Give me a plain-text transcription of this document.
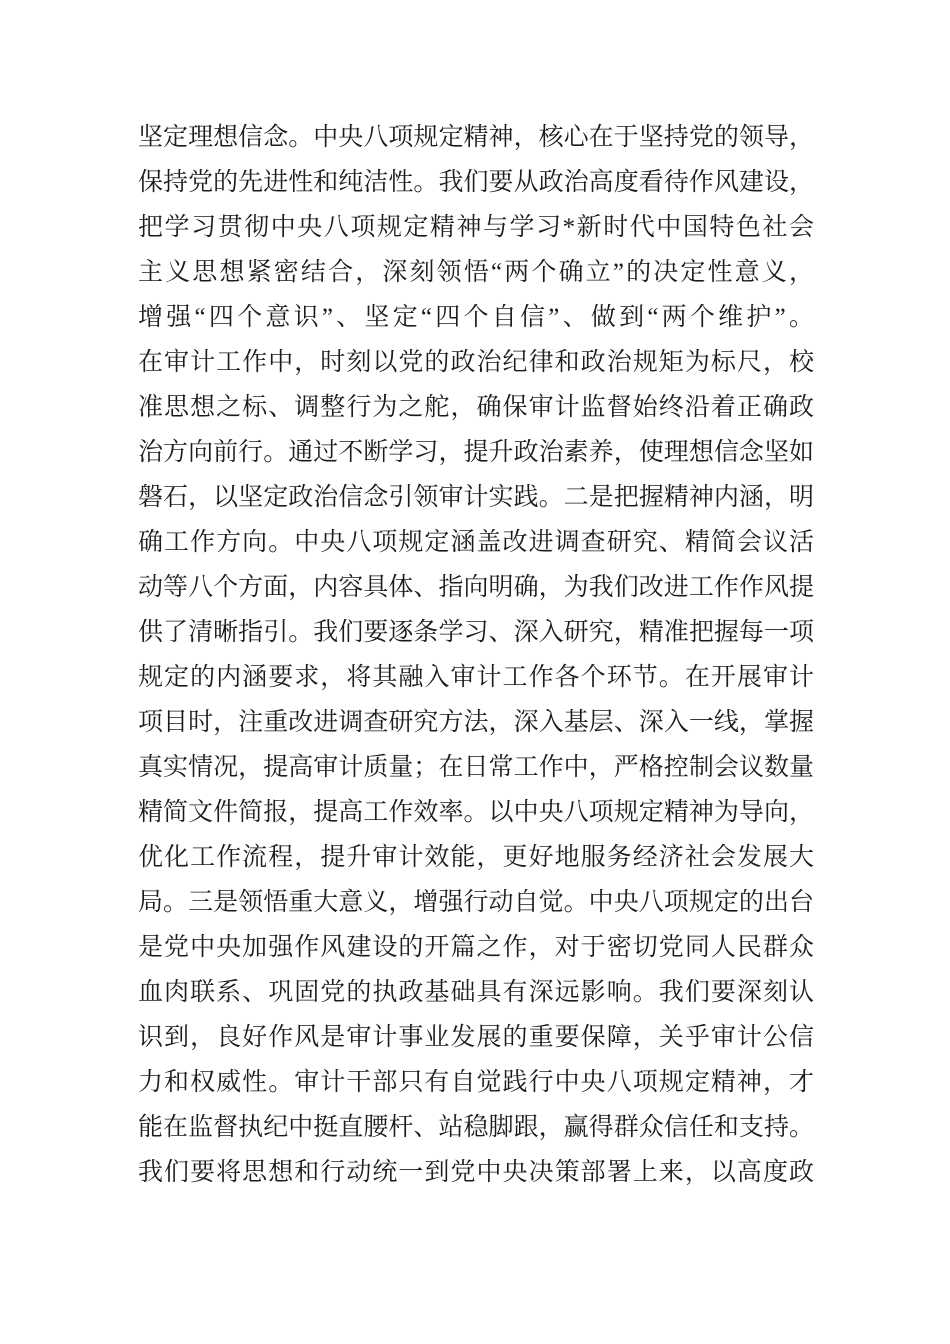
坚定理想信念。中央八项规定精神，核心在于坚持党的领导，
保持党的先进性和纯洁性。我们要从政治高度看待作风建设，
把学习贯彻中央八项规定精神与学习*新时代中国特色社会
主义思想紧密结合，深刻领悟“两个确立”的决定性意义，
增强“四个意识”、坚定“四个自信”、做到“两个维护”。
在审计工作中，时刻以党的政治纪律和政治规矩为标尺，校
准思想之标、调整行为之舵，确保审计监督始终沿着正确政
治方向前行。通过不断学习，提升政治素养，使理想信念坚如
磐石，以坚定政治信念引领审计实践。二是把握精神内涵，明
确工作方向。中央八项规定涵盖改进调查研究、精简会议活
动等八个方面，内容具体、指向明确，为我们改进工作作风提
供了清晰指引。我们要逐条学习、深入研究，精准把握每一项
规定的内涵要求，将其融入审计工作各个环节。在开展审计
项目时，注重改进调查研究方法，深入基层、深入一线，掌握
真实情况，提高审计质量；在日常工作中，严格控制会议数量
精简文件简报，提高工作效率。以中央八项规定精神为导向，
优化工作流程，提升审计效能，更好地服务经济社会发展大
局。三是领悟重大意义，增强行动自觉。中央八项规定的出台
是党中央加强作风建设的开篇之作，对于密切党同人民群众
血肉联系、巩固党的执政基础具有深远影响。我们要深刻认
识到，良好作风是审计事业发展的重要保障，关乎审计公信
力和权威性。审计干部只有自觉践行中央八项规定精神，才
能在监督执纪中挺直腰杆、站稳脚跟，赢得群众信任和支持。
我们要将思想和行动统一到党中央决策部署上来，以高度政
